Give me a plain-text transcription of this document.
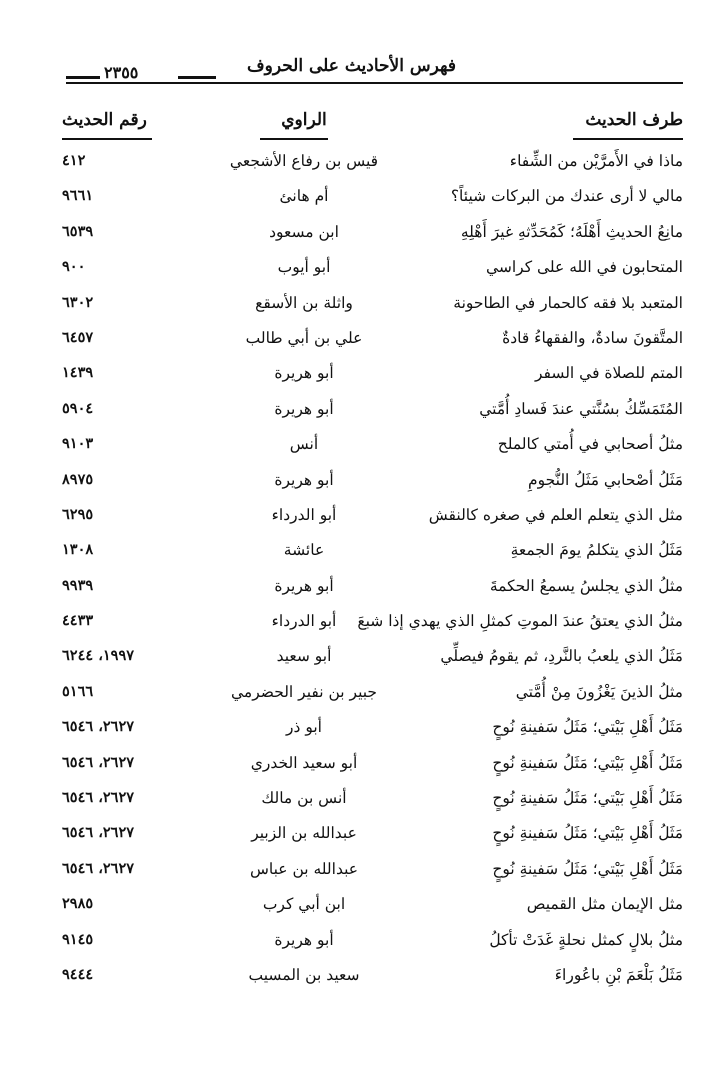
فهرس الأحاديث على الحروف
٢٣٥٥
طرف الحديث
الراوي
رقم الحديث
ماذا في الأَمرَّيْن من الشِّفاء
قيس بن رفاع الأشجعي
٤١٢
مالي لا أرى عندك من البركات شيئاً؟
أم هانئ
٩٦٦١
مانِعُ الحديثِ أَهْلَهُ؛ كَمُحَدِّثهِ غيرَ أَهْلِهِ
ابن مسعود
٦٥٣٩
المتحابون في الله على كراسي
أبو أيوب
٩٠٠
المتعبد بلا فقه كالحمار في الطاحونة
واثلة بن الأسقع
٦٣٠٢
المتَّقونَ سادةٌ، والفقهاءُ قادةٌ
علي بن أبي طالب
٦٤٥٧
المتم للصلاة في السفر
أبو هريرة
١٤٣٩
المُتَمَسِّكُ بسُنَّتي عندَ فَسادِ أُمَّتي
أبو هريرة
٥٩٠٤
مثلُ أصحابي في أُمتي كالملح
أنس
٩١٠٣
مَثَلُ أصْحابي مَثَلُ النُّجومِ
أبو هريرة
٨٩٧٥
مثل الذي يتعلم العلم في صغره كالنقش
أبو الدرداء
٦٢٩٥
مَثَلُ الذي يتكلمُ يومَ الجمعةِ
عائشة
١٣٠٨
مثلُ الذي يجلسُ يسمعُ الحكمةَ
أبو هريرة
٩٩٣٩
مثلُ الذي يعتقُ عندَ الموتِ كمثلِ الذي يهدي إذا شبعَ
أبو الدرداء
٤٤٣٣
مَثَلُ الذي يلعبُ بالنَّردِ، ثم يقومُ فيصلِّي
أبو سعيد
١٩٩٧، ٦٢٤٤
مثلُ الذينَ يَغْزُونَ مِنْ أُمَّتي
جبير بن نفير الحضرمي
٥١٦٦
مَثَلُ أَهْلِ بَيْتي؛ مَثَلُ سَفينةِ نُوحٍ
أبو ذر
٢٦٢٧، ٦٥٤٦
مَثَلُ أَهْلِ بَيْتي؛ مَثَلُ سَفينةِ نُوحٍ
أبو سعيد الخدري
٢٦٢٧، ٦٥٤٦
مَثَلُ أَهْلِ بَيْتي؛ مَثَلُ سَفينةِ نُوحٍ
أنس بن مالك
٢٦٢٧، ٦٥٤٦
مَثَلُ أَهْلِ بَيْتي؛ مَثَلُ سَفينةِ نُوحٍ
عبدالله بن الزبير
٢٦٢٧، ٦٥٤٦
مَثَلُ أَهْلِ بَيْتي؛ مَثَلُ سَفينةِ نُوحٍ
عبدالله بن عباس
٢٦٢٧، ٦٥٤٦
مثل الإيمان مثل القميص
ابن أبي كرب
٢٩٨٥
مثلُ بلالٍ كمثل نحلةٍ غَدَتْ تأكلُ
أبو هريرة
٩١٤٥
مَثَلُ بَلْعَمَ بْنِ باعُوراءَ
سعيد بن المسيب
٩٤٤٤
